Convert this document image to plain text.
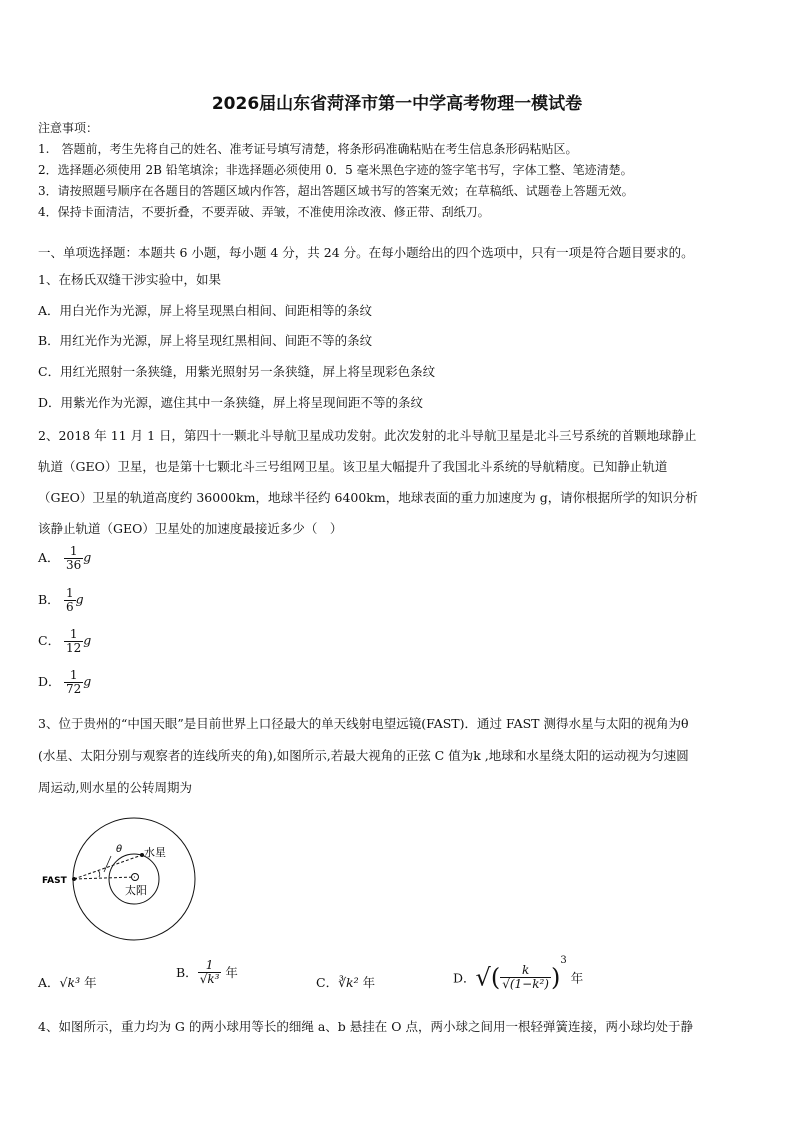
2026届山东省菏泽市第一中学高考物理一模试卷
注意事项：
1.　答题前，考生先将自己的姓名、准考证号填写清楚，将条形码准确粘贴在考生信息条形码粘贴区。
2．选择题必须使用 2B 铅笔填涂；非选择题必须使用 0．5 毫米黑色字迹的签字笔书写，字体工整、笔迹清楚。
3．请按照题号顺序在各题目的答题区域内作答，超出答题区域书写的答案无效；在草稿纸、试题卷上答题无效。
4．保持卡面清洁，不要折叠，不要弄破、弄皱，不准使用涂改液、修正带、刮纸刀。
一、单项选择题：本题共 6 小题，每小题 4 分，共 24 分。在每小题给出的四个选项中，只有一项是符合题目要求的。
1、在杨氏双缝干涉实验中，如果
A．用白光作为光源，屏上将呈现黑白相间、间距相等的条纹
B．用红光作为光源，屏上将呈现红黑相间、间距不等的条纹
C．用红光照射一条狭缝，用紫光照射另一条狭缝，屏上将呈现彩色条纹
D．用紫光作为光源，遮住其中一条狭缝，屏上将呈现间距不等的条纹
2、2018 年 11 月 1 日，第四十一颗北斗导航卫星成功发射。此次发射的北斗导航卫星是北斗三号系统的首颗地球静止
轨道（GEO）卫星，也是第十七颗北斗三号组网卫星。该卫星大幅提升了我国北斗系统的导航精度。已知静止轨道
（GEO）卫星的轨道高度约 36000km，地球半径约 6400km，地球表面的重力加速度为 g，请你根据所学的知识分析
该静止轨道（GEO）卫星处的加速度最接近多少（　）
A． $\frac{1}{36}$ g
B． $\frac{1}{6}$ g
C． $\frac{1}{12}$ g
D． $\frac{1}{72}$ g
3、位于贵州的“中国天眼”是目前世界上口径最大的单天线射电望远镜(FAST)．通过 FAST 测得水星与太阳的视角为θ
(水星、太阳分别与观察者的连线所夹的角),如图所示,若最大视角的正弦 C 值为k ,地球和水星绕太阳的运动视为匀速圆
周运动,则水星的公转周期为
FAST
θ 水星
太阳
A．√k³ 年
B． $\frac{1}{\text{√k³}}$ 年
C．∛k² 年	D．√( $\frac{k}{\text{√(1−k²)}} )^3$ 年
4、如图所示，重力均为 G 的两小球用等长的细绳 a、b 悬挂在 O 点，两小球之间用一根轻弹簧连接，两小球均处于静
